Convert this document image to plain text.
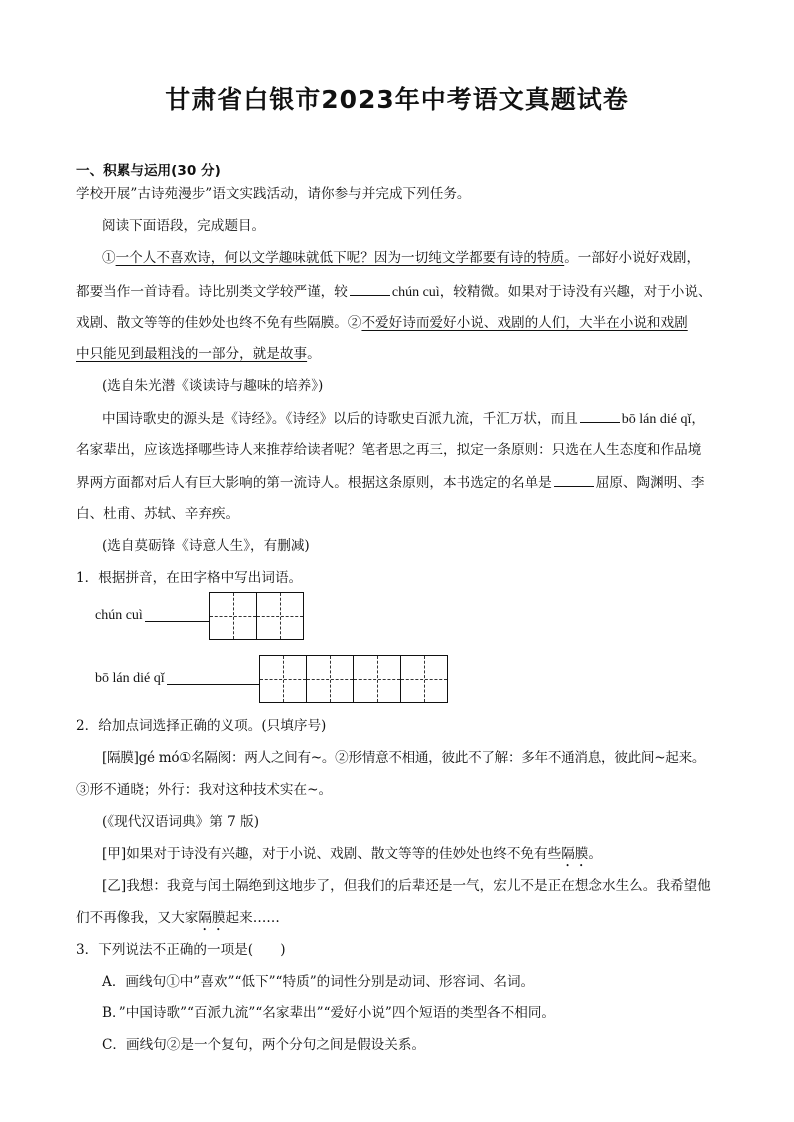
甘肃省白银市2023年中考语文真题试卷
一、积累与运用(30 分)
学校开展”古诗苑漫步”语文实践活动，请你参与并完成下列任务。
阅读下面语段，完成题目。
①一个人不喜欢诗，何以文学趣味就低下呢？因为一切纯文学都要有诗的特质。一部好小说好戏剧，
都要当作一首诗看。诗比别类文学较严谨，较	chún cuì，较精微。如果对于诗没有兴趣，对于小说、
戏剧、散文等等的佳妙处也终不免有些隔膜。②不爱好诗而爱好小说、戏剧的人们，大半在小说和戏剧
中只能见到最粗浅的一部分，就是故事。
(选自朱光潜《谈读诗与趣味的培养》)
中国诗歌史的源头是《诗经》。《诗经》以后的诗歌史百派九流，千汇万状，而且	bō lán dié qǐ，
名家辈出，应该选择哪些诗人来推荐给读者呢？笔者思之再三，拟定一条原则：只选在人生态度和作品境
界两方面都对后人有巨大影响的第一流诗人。根据这条原则，本书选定的名单是	屈原、陶渊明、李
白、杜甫、苏轼、辛弃疾。
(选自莫砺锋《诗意人生》，有删减)
1．根据拼音，在田字格中写出词语。
chún cuì
bō lán dié qǐ
2．给加点词选择正确的义项。(只填序号)
[隔膜]gé mó①名隔阂：两人之间有~。②形情意不相通，彼此不了解：多年不通消息，彼此间~起来。
③形不通晓；外行：我对这种技术实在~。
(《现代汉语词典》第 7 版)
[甲]如果对于诗没有兴趣，对于小说、戏剧、散文等等的佳妙处也终不免有些隔膜。
[乙]我想：我竟与闰土隔绝到这地步了，但我们的后辈还是一气，宏儿不是正在想念水生么。我希望他
们不再像我，又大家隔膜起来……
3．下列说法不正确的一项是(　　)
A．画线句①中”喜欢”“低下”“特质”的词性分别是动词、形容词、名词。
B．”中国诗歌”“百派九流”“名家辈出”“爱好小说”四个短语的类型各不相同。
C．画线句②是一个复句，两个分句之间是假设关系。
